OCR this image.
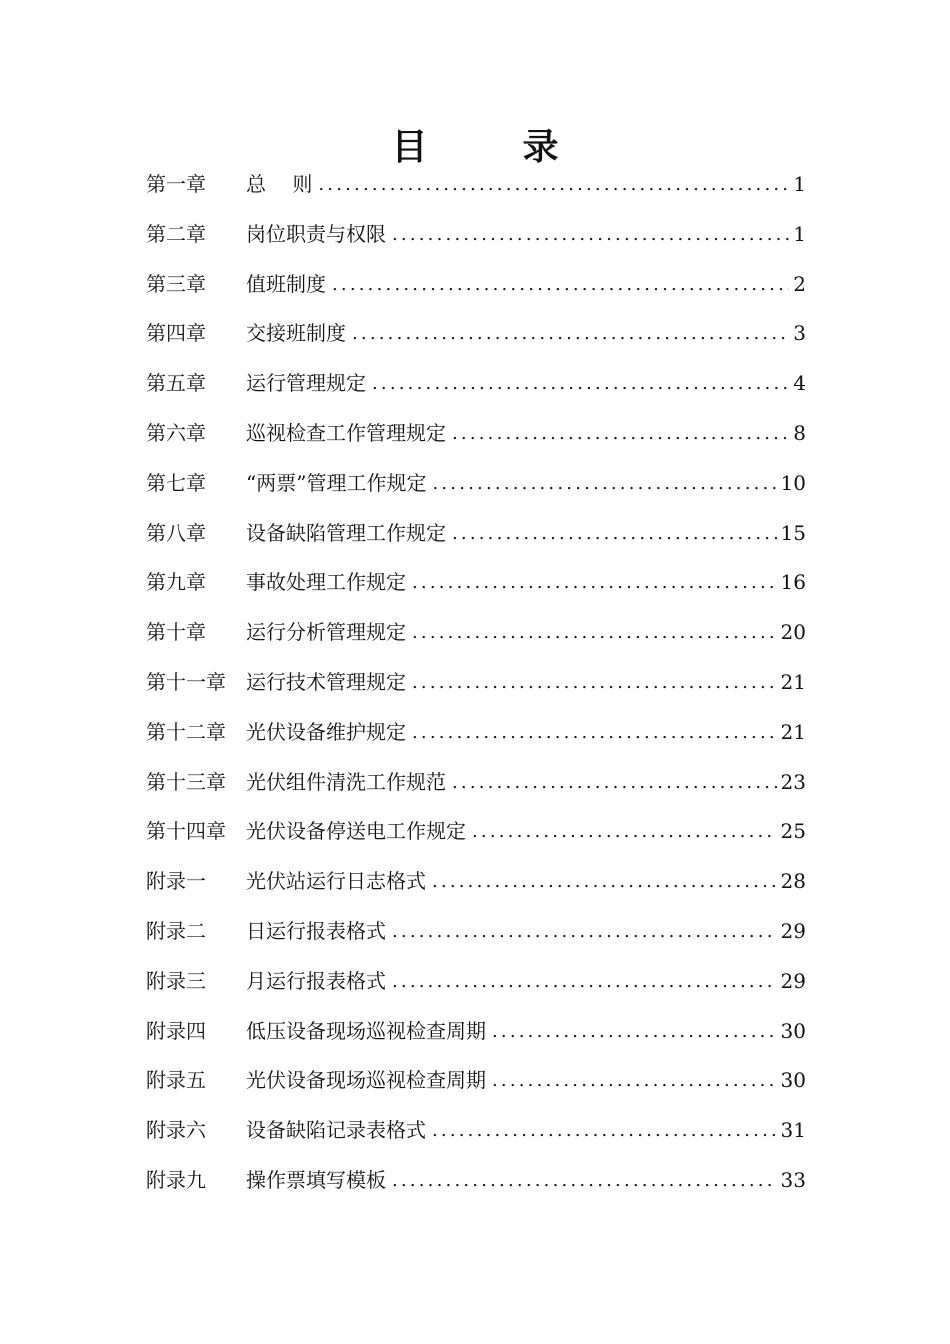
目	录
第一章	总　 则 .....	1
第二章	岗位职责与权限 .....	1
第三章	值班制度 .....	2
第四章	交接班制度 .....	3
第五章	运行管理规定 .....	4
第六章	巡视检查工作管理规定 .....	8
第七章	“两票”管理工作规定 .....	10
第八章	设备缺陷管理工作规定 .....	15
第九章	事故处理工作规定 .....	16
第十章	运行分析管理规定 .....	20
第十一章	运行技术管理规定 .....	21
第十二章	光伏设备维护规定 .....	21
第十三章	光伏组件清洗工作规范 .....	23
第十四章	光伏设备停送电工作规定 .....	25
附录一	光伏站运行日志格式 .....	28
附录二	日运行报表格式 .....	29
附录三	月运行报表格式 .....	29
附录四	低压设备现场巡视检查周期 .....	30
附录五	光伏设备现场巡视检查周期 .....	30
附录六	设备缺陷记录表格式 .....	31
附录九	操作票填写模板 .....	33
